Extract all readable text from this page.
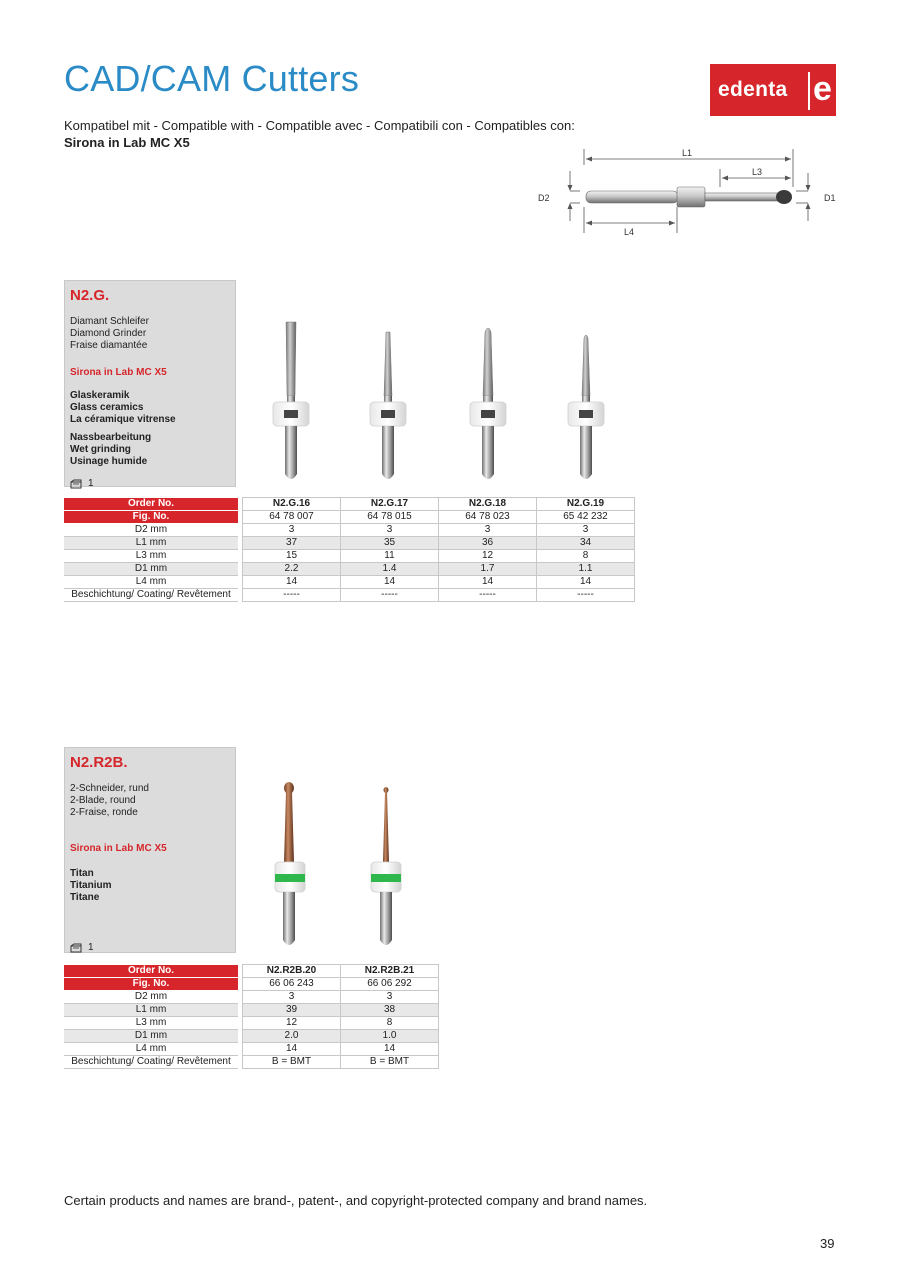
CAD/CAM Cutters	edenta e
Kompatibel mit - Compatible with - Compatible avec - Compatibili con - Compatibles con:
Sirona in Lab MC X5
L1
L3
L4
D2	D1
N2.G.
Diamant Schleifer
Diamond Grinder
Fraise diamantée
Sirona in Lab MC X5
Glaskeramik
Glass ceramics
La céramique vitrense
Nassbearbeitung
Wet grinding
Usinage humide
1
Order No.		N2.G.16	N2.G.17	N2.G.18	N2.G.19
Fig. No.		64 78 007	64 78 015	64 78 023	65 42 232
D2 mm		3	3	3	3
L1 mm		37	35	36	34
L3 mm		15	11	12	8
D1 mm		2.2	1.4	1.7	1.1
L4 mm		14	14	14	14
Beschichtung/ Coating/ Revêtement		-----	-----	-----	-----
N2.R2B.
2-Schneider, rund
2-Blade, round
2-Fraise, ronde
Sirona in Lab MC X5
Titan
Titanium
Titane
1
Order No.		N2.R2B.20	N2.R2B.21
Fig. No.		66 06 243	66 06 292
D2 mm		3	3
L1 mm		39	38
L3 mm		12	8
D1 mm		2.0	1.0
L4 mm		14	14
Beschichtung/ Coating/ Revêtement		B = BMT	B = BMT
Certain products and names are brand-, patent-, and copyright-protected company and brand names.
39
